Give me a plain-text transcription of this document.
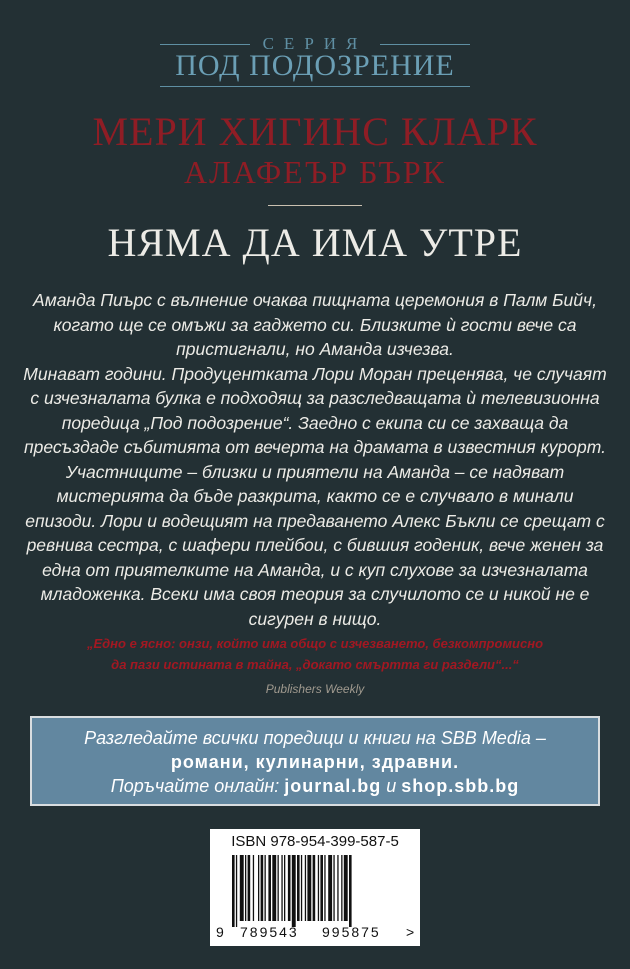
СЕРИЯ
ПОД ПОДОЗРЕНИЕ
МЕРИ ХИГИНС КЛАРК
АЛАФЕЪР БЪРК
НЯМА ДА ИМА УТРЕ

Аманда Пиърс с вълнение очаква пищната церемония в Палм Бийч,

когато ще се омъжи за гаджето си. Близките ѝ гости вече са

пристигнали, но Аманда изчезва.

Минават години. Продуцентката Лори Моран преценява, че случаят

с изчезналата булка е подходящ за разследващата ѝ телевизионна

поредица „Под подозрение“. Заедно с екипа си се захваща да

пресъздаде събитията от вечерта на драмата в известния курорт.

Участниците – близки и приятели на Аманда – се надяват

мистерията да бъде разкрита, както се е случвало в минали

епизоди. Лори и водещият на предаването Алекс Бъкли се срещат с

ревнива сестра, с шафери плейбои, с бившия годеник, вече женен за

една от приятелките на Аманда, и с куп слухове за изчезналата

младоженка. Всеки има своя теория за случилото се и никой не е

сигурен в нищо.

„Едно е ясно: онзи, който има общо с изчезването, безкомпромисно
да пази истината в тайна, „докато смъртта ги раздели“...“
Publishers Weekly
Разгледайте всички поредици и книги на SBB Media –
романи, кулинарни, здравни.
Поръчайте онлайн: journal.bg и shop.sbb.bg
ISBN 978-954-399-587-5
9 789543 995875 >
